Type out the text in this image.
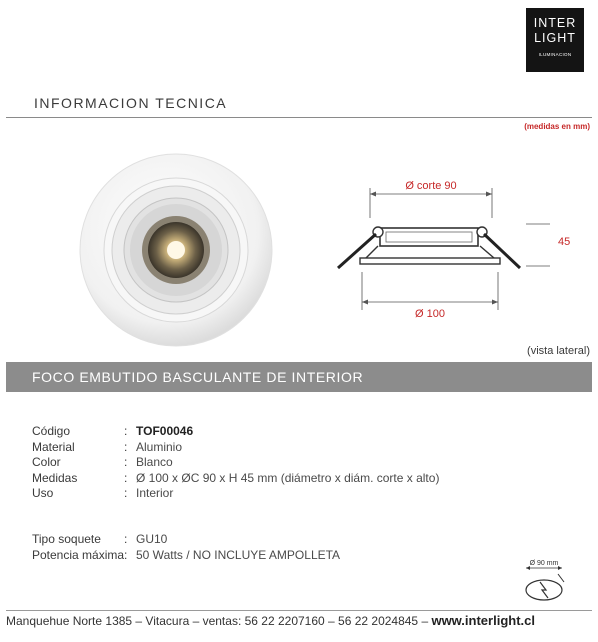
INTER
LIGHT
ILUMINACION
INFORMACION TECNICA
(medidas en mm)
Ø corte 90
Ø 100
45
(vista lateral)
FOCO EMBUTIDO BASCULANTE DE INTERIOR
Código	: TOF00046
Material	: Aluminio
Color	: Blanco
Medidas	: Ø 100 x ØC 90 x H 45 mm (diámetro x diám. corte x alto)
Uso	: Interior
Tipo soquete : GU10
Potencia máxima: 50 Watts / NO INCLUYE AMPOLLETA
Ø 90 mm
Manquehue Norte 1385 – Vitacura – ventas: 56 22 2207160 – 56 22 2024845 – www.interlight.cl
